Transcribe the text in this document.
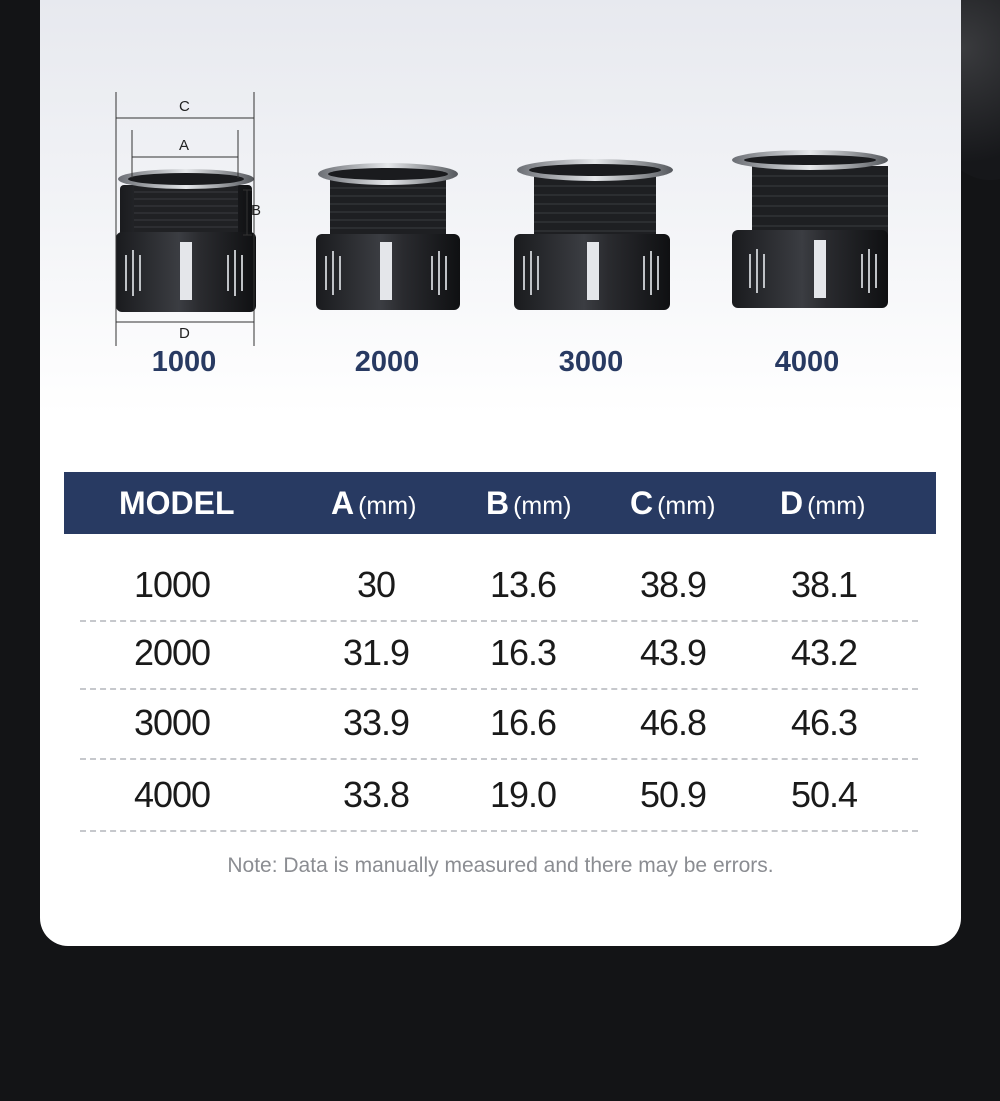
C
A
B
D
1000	2000	3000	4000
MODEL	A (mm) B (mm) C (mm) D (mm)
1000	30	13.6	38.9	38.1
2000	31.9	16.3	43.9	43.2
3000	33.9	16.6	46.8	46.3
4000	33.8	19.0	50.9	50.4
Note: Data is manually measured and there may be errors.
